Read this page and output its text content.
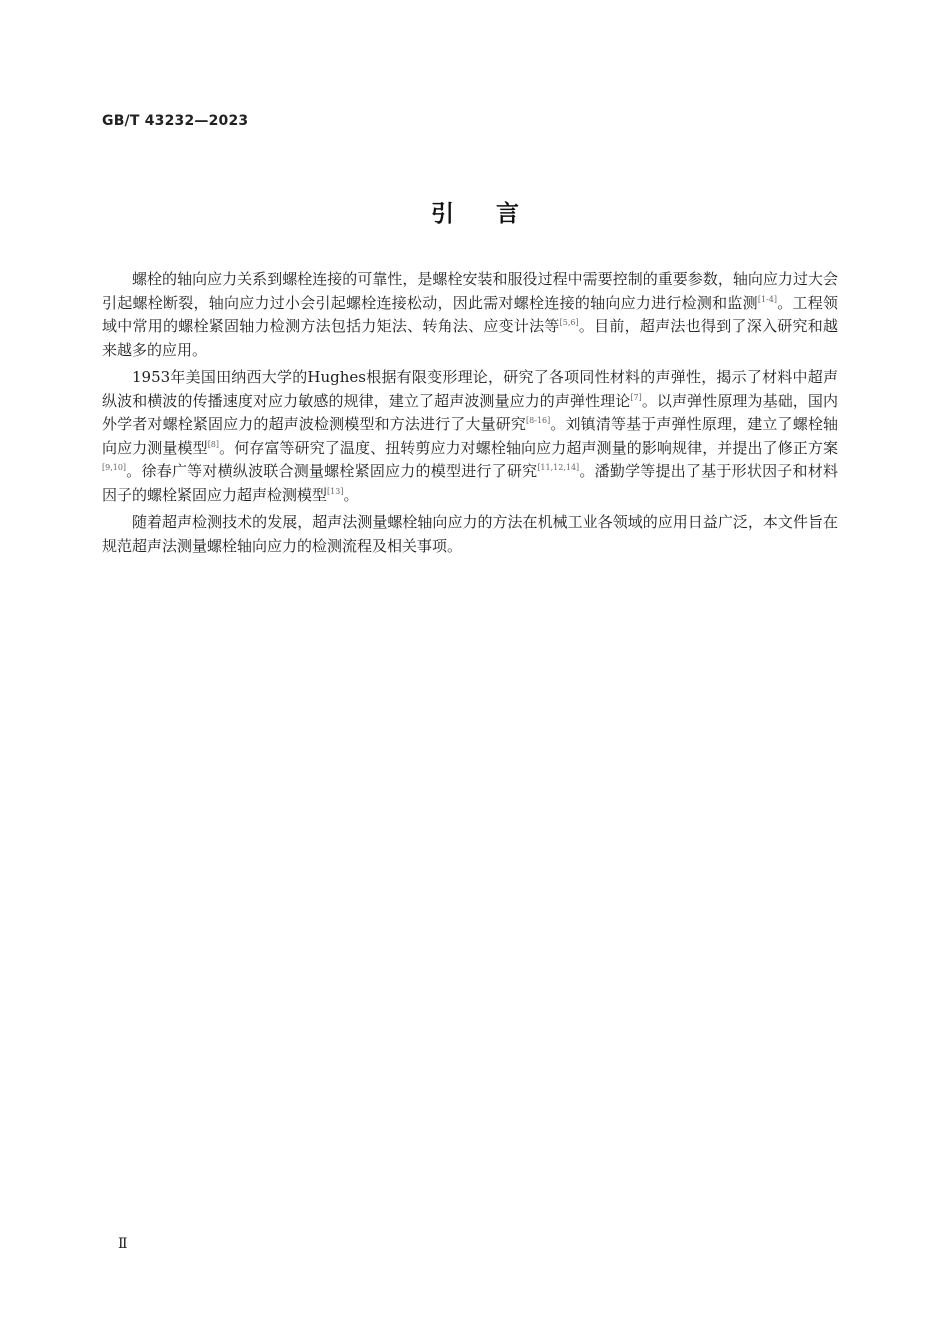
GB/T 43232—2023
引言

螺栓的轴向应力关系到螺栓连接的可靠性，是螺栓安装和服役过程中需要控制的重要参数，轴向应力过大会引起螺栓断裂，轴向应力过小会引起螺栓连接松动，因此需对螺栓连接的轴向应力进行检测和监测[1-4]。工程领域中常用的螺栓紧固轴力检测方法包括力矩法、转角法、应变计法等[5,6]。目前，超声法也得到了深入研究和越来越多的应用。

1953年美国田纳西大学的Hughes根据有限变形理论，研究了各项同性材料的声弹性，揭示了材料中超声纵波和横波的传播速度对应力敏感的规律，建立了超声波测量应力的声弹性理论[7]。以声弹性原理为基础，国内外学者对螺栓紧固应力的超声波检测模型和方法进行了大量研究[8-16]。刘镇清等基于声弹性原理，建立了螺栓轴向应力测量模型[8]。何存富等研究了温度、扭转剪应力对螺栓轴向应力超声测量的影响规律，并提出了修正方案[9,10]。徐春广等对横纵波联合测量螺栓紧固应力的模型进行了研究[11,12,14]。潘勤学等提出了基于形状因子和材料因子的螺栓紧固应力超声检测模型[13]。

随着超声检测技术的发展，超声法测量螺栓轴向应力的方法在机械工业各领域的应用日益广泛，本文件旨在规范超声法测量螺栓轴向应力的检测流程及相关事项。

Ⅱ
